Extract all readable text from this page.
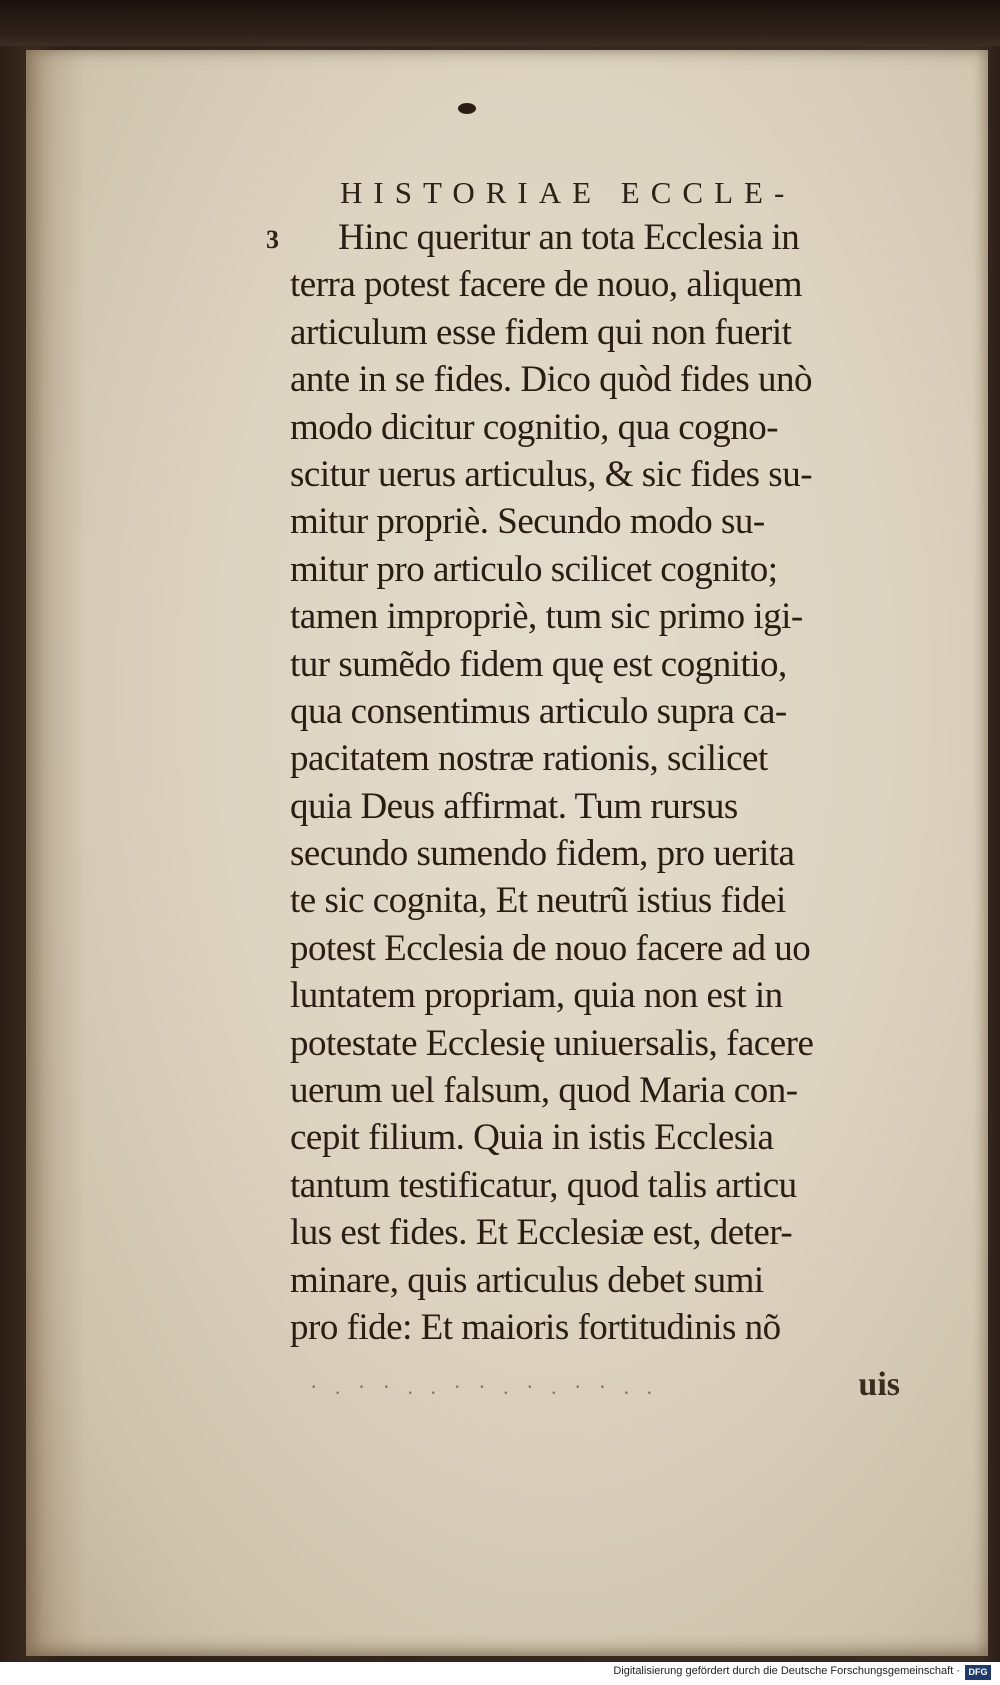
HISTORIAE ECCLE-
3	Hinc queritur an tota Ecclesia in
terra potest facere de nouo, aliquem
articulum esse fidem qui non fuerit
ante in se fides. Dico quòd fides unò
modo dicitur cognitio, qua cogno-
scitur uerus articulus, & sic fides su-
mitur propriè. Secundo modo su-
mitur pro articulo scilicet cognito;
tamen impropriè, tum sic primo igi-
tur sumẽdo fidem quę est cognitio,
qua consentimus articulo supra ca-
pacitatem nostræ rationis, scilicet
quia Deus affirmat. Tum rursus
secundo sumendo fidem, pro uerita
te sic cognita, Et neutrũ istius fidei
potest Ecclesia de nouo facere ad uo
luntatem propriam, quia non est in
potestate Ecclesię uniuersalis, facere
uerum uel falsum, quod Maria con-
cepit filium. Quia in istis Ecclesia
tantum testificatur, quod talis articu
lus est fides. Et Ecclesiæ est, deter-
minare, quis articulus debet sumi
pro fide: Et maioris fortitudinis nõ
· . · · . . · · . · . · · . .	uis
Digitalisierung gefördert durch die Deutsche Forschungsgemeinschaft · DFG
